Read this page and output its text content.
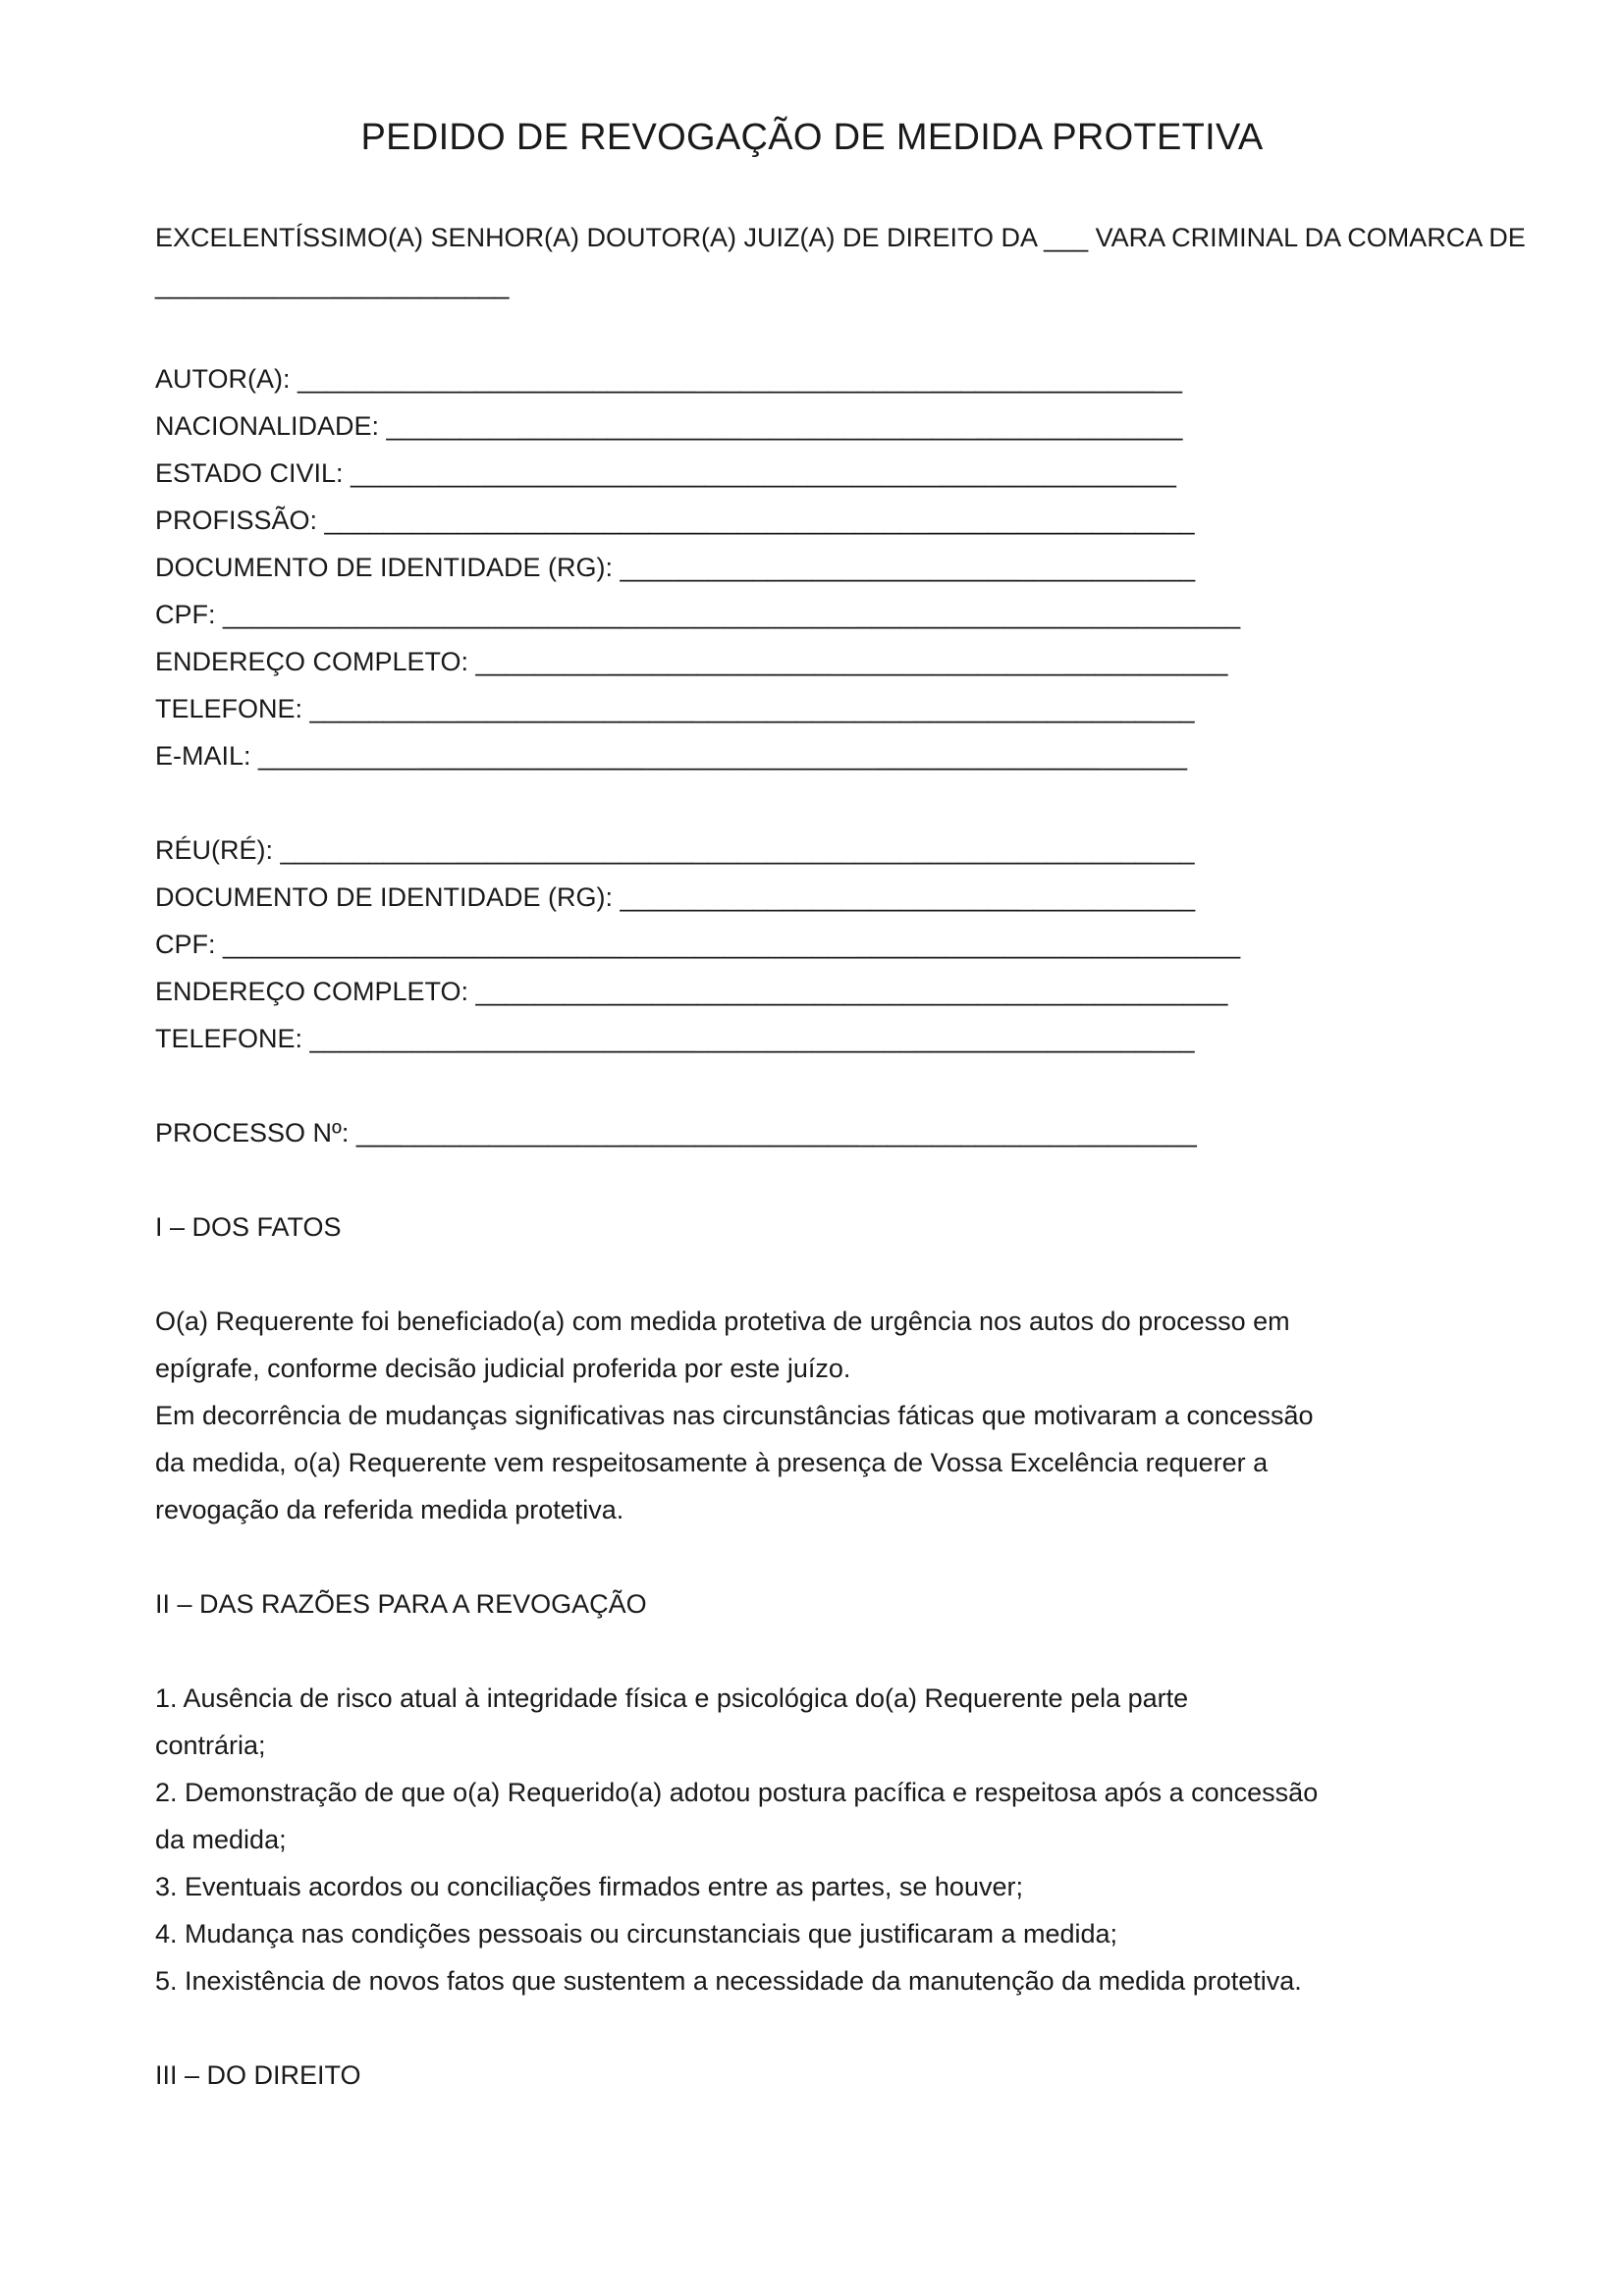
PEDIDO DE REVOGAÇÃO DE MEDIDA PROTETIVA
EXCELENTÍSSIMO(A) SENHOR(A) DOUTOR(A) JUIZ(A) DE DIREITO DA ___ VARA CRIMINAL DA COMARCA DE
________________________
AUTOR(A): ____________________________________________________________
NACIONALIDADE: ______________________________________________________
ESTADO CIVIL: ________________________________________________________
PROFISSÃO: ___________________________________________________________
DOCUMENTO DE IDENTIDADE (RG): _______________________________________
CPF: _____________________________________________________________________
ENDEREÇO COMPLETO: ___________________________________________________
TELEFONE: ____________________________________________________________
E-MAIL: _______________________________________________________________
RÉU(RÉ): ______________________________________________________________
DOCUMENTO DE IDENTIDADE (RG): _______________________________________
CPF: _____________________________________________________________________
ENDEREÇO COMPLETO: ___________________________________________________
TELEFONE: ____________________________________________________________
PROCESSO Nº: _________________________________________________________
I – DOS FATOS
O(a) Requerente foi beneficiado(a) com medida protetiva de urgência nos autos do processo em
epígrafe, conforme decisão judicial proferida por este juízo.
Em decorrência de mudanças significativas nas circunstâncias fáticas que motivaram a concessão
da medida, o(a) Requerente vem respeitosamente à presença de Vossa Excelência requerer a
revogação da referida medida protetiva.
II – DAS RAZÕES PARA A REVOGAÇÃO
1. Ausência de risco atual à integridade física e psicológica do(a) Requerente pela parte
contrária;
2. Demonstração de que o(a) Requerido(a) adotou postura pacífica e respeitosa após a concessão
da medida;
3. Eventuais acordos ou conciliações firmados entre as partes, se houver;
4. Mudança nas condições pessoais ou circunstanciais que justificaram a medida;
5. Inexistência de novos fatos que sustentem a necessidade da manutenção da medida protetiva.
III – DO DIREITO
